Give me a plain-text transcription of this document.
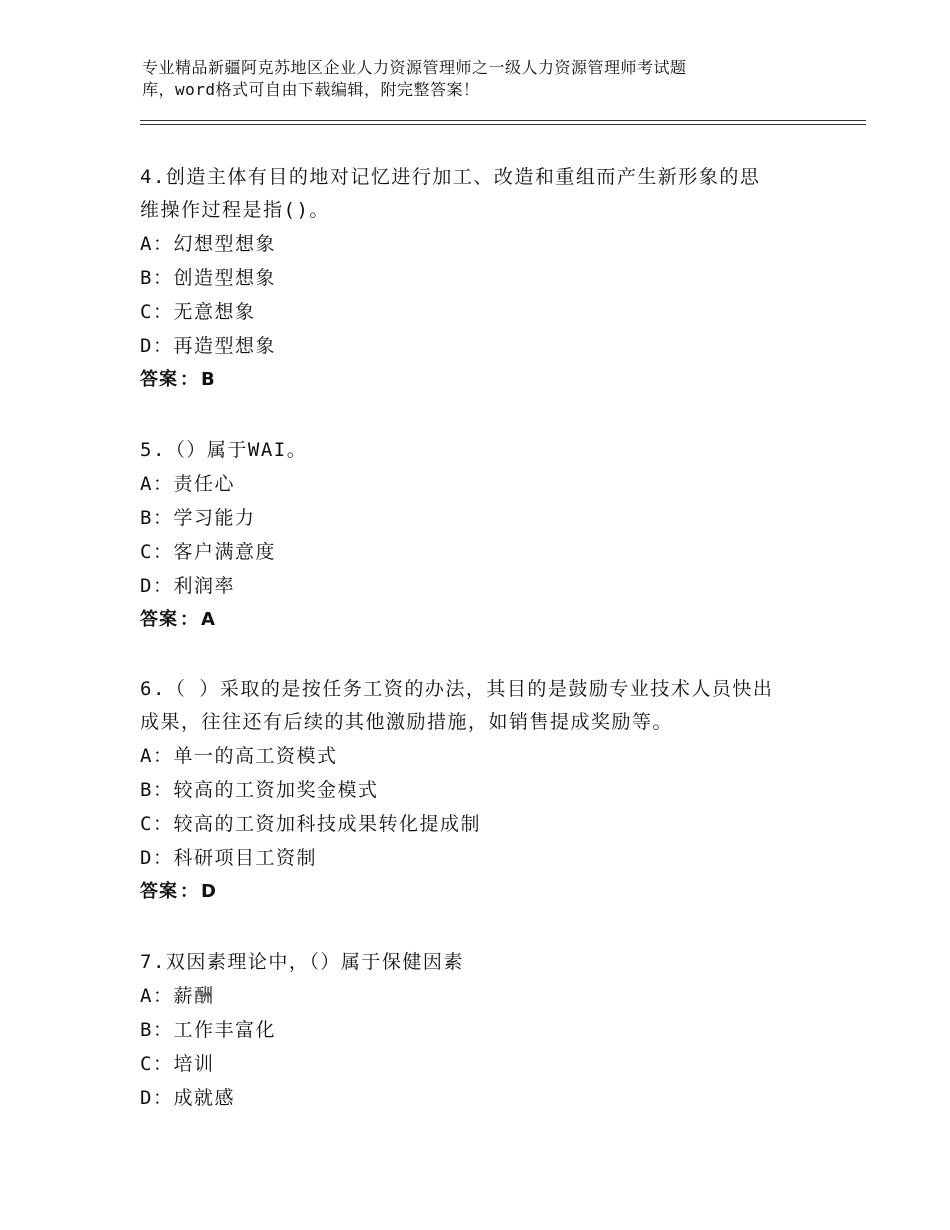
专业精品新疆阿克苏地区企业人力资源管理师之一级人力资源管理师考试题
库，word格式可自由下载编辑，附完整答案！

4.创造主体有目的地对记忆进行加工、改造和重组而产生新形象的思

维操作过程是指()。

A：幻想型想象

B：创造型想象

C：无意想象

D：再造型想象

答案 ： B

5.（）属于WAI。

A：责任心

B：学习能力

C：客户满意度

D：利润率

答案 ： A

6.（ ）采取的是按任务工资的办法，其目的是鼓励专业技术人员快出

成果，往往还有后续的其他激励措施，如销售提成奖励等。

A：单一的高工资模式

B：较高的工资加奖金模式

C：较高的工资加科技成果转化提成制

D：科研项目工资制

答案 ： D

7.双因素理论中，（）属于保健因素

A：薪酬

B：工作丰富化

C：培训

D：成就感
